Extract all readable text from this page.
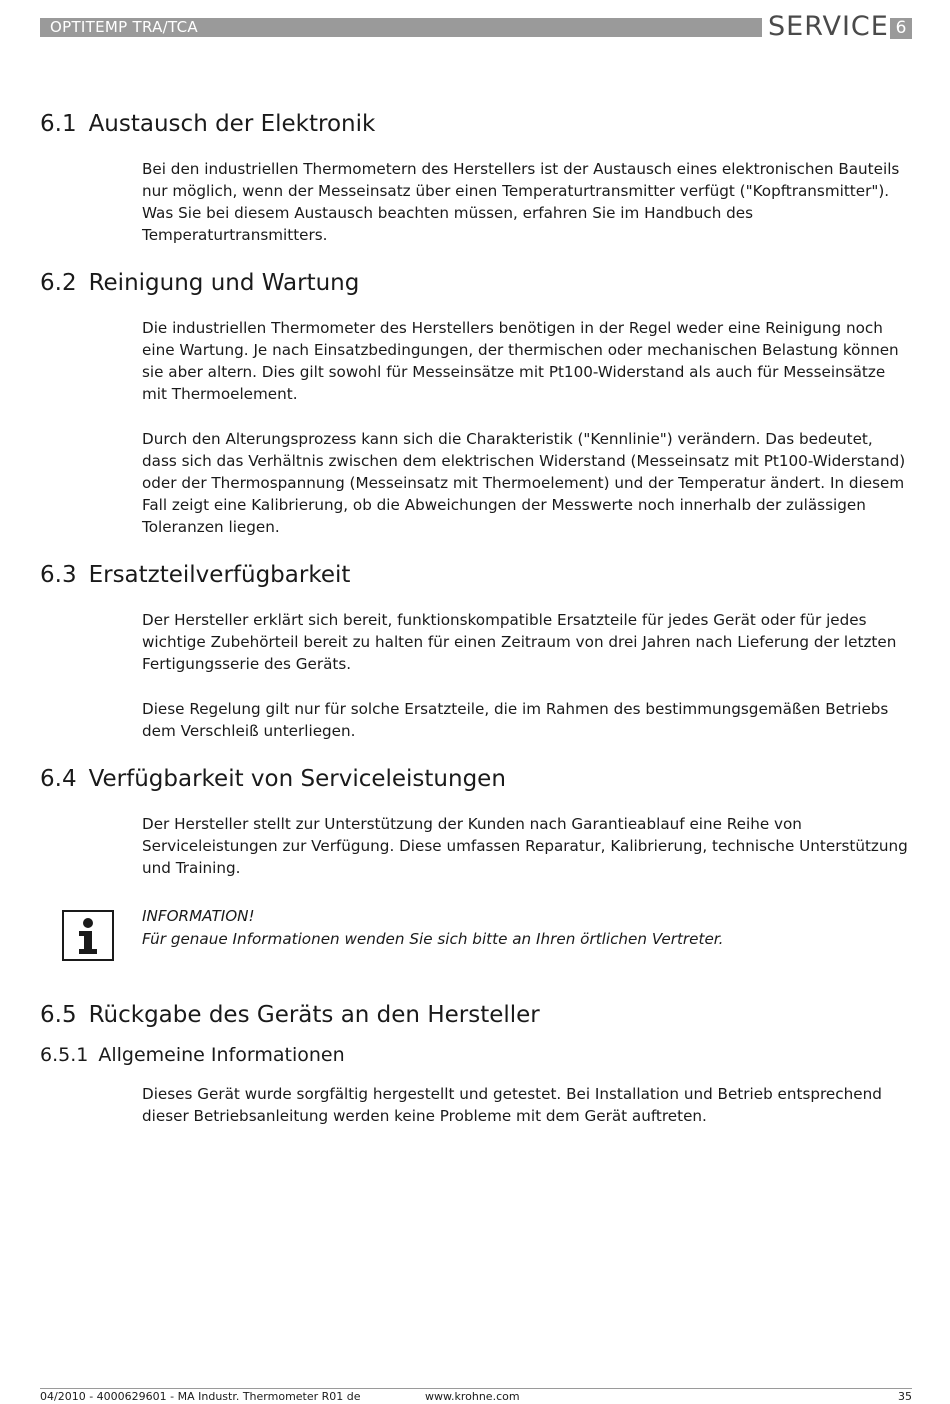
OPTITEMP TRA/TCA	SERVICE 6
6.1 Austausch der Elektronik

Bei den industriellen Thermometern des Herstellers ist der Austausch eines elektronischen Bauteils nur möglich, wenn der Messeinsatz über einen Temperaturtransmitter verfügt ("Kopftransmitter"). Was Sie bei diesem Austausch beachten müssen, erfahren Sie im Handbuch des Temperaturtransmitters.

6.2 Reinigung und Wartung

Die industriellen Thermometer des Herstellers benötigen in der Regel weder eine Reinigung noch eine Wartung. Je nach Einsatzbedingungen, der thermischen oder mechanischen Belastung können sie aber altern. Dies gilt sowohl für Messeinsätze mit Pt100-Widerstand als auch für Messeinsätze mit Thermoelement.

Durch den Alterungsprozess kann sich die Charakteristik ("Kennlinie") verändern. Das bedeutet, dass sich das Verhältnis zwischen dem elektrischen Widerstand (Messeinsatz mit Pt100-Widerstand) oder der Thermospannung (Messeinsatz mit Thermoelement) und der Temperatur ändert. In diesem Fall zeigt eine Kalibrierung, ob die Abweichungen der Messwerte noch innerhalb der zulässigen Toleranzen liegen.

6.3 Ersatzteilverfügbarkeit

Der Hersteller erklärt sich bereit, funktionskompatible Ersatzteile für jedes Gerät oder für jedes wichtige Zubehörteil bereit zu halten für einen Zeitraum von drei Jahren nach Lieferung der letzten Fertigungsserie des Geräts.

Diese Regelung gilt nur für solche Ersatzteile, die im Rahmen des bestimmungsgemäßen Betriebs dem Verschleiß unterliegen.

6.4 Verfügbarkeit von Serviceleistungen

Der Hersteller stellt zur Unterstützung der Kunden nach Garantieablauf eine Reihe von Serviceleistungen zur Verfügung. Diese umfassen Reparatur, Kalibrierung, technische Unterstützung und Training.

INFORMATION!
Für genaue Informationen wenden Sie sich bitte an Ihren örtlichen Vertreter.
6.5 Rückgabe des Geräts an den Hersteller
6.5.1 Allgemeine Informationen

Dieses Gerät wurde sorgfältig hergestellt und getestet. Bei Installation und Betrieb entsprechend dieser Betriebsanleitung werden keine Probleme mit dem Gerät auftreten.

04/2010 - 4000629601 - MA Industr. Thermometer R01 de	www.krohne.com	35
